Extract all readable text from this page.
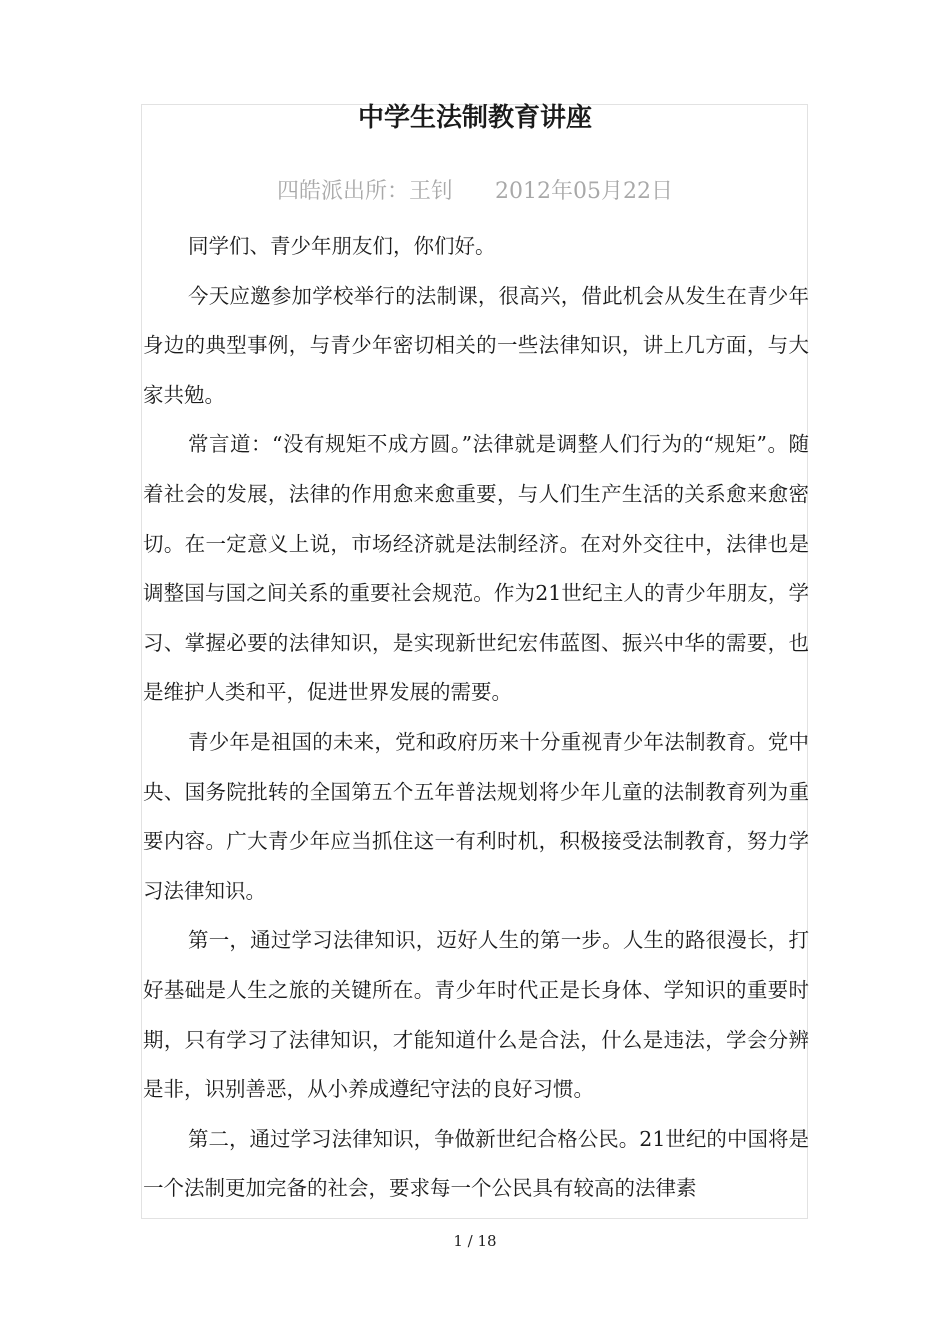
中学生法制教育讲座

四皓派出所：王钊      2012年05月22日

同学们、青少年朋友们，你们好。

今天应邀参加学校举行的法制课，很高兴，借此机会从发生在青少年身边的典型事例，与青少年密切相关的一些法律知识，讲上几方面，与大家共勉。

常言道：“没有规矩不成方圆。”法律就是调整人们行为的“规矩”。随着社会的发展，法律的作用愈来愈重要，与人们生产生活的关系愈来愈密切。在一定意义上说，市场经济就是法制经济。在对外交往中，法律也是调整国与国之间关系的重要社会规范。作为21世纪主人的青少年朋友，学习、掌握必要的法律知识，是实现新世纪宏伟蓝图、振兴中华的需要，也是维护人类和平，促进世界发展的需要。

青少年是祖国的未来，党和政府历来十分重视青少年法制教育。党中央、国务院批转的全国第五个五年普法规划将少年儿童的法制教育列为重要内容。广大青少年应当抓住这一有利时机，积极接受法制教育，努力学习法律知识。

第一，通过学习法律知识，迈好人生的第一步。人生的路很漫长，打好基础是人生之旅的关键所在。青少年时代正是长身体、学知识的重要时期，只有学习了法律知识，才能知道什么是合法，什么是违法，学会分辨是非，识别善恶，从小养成遵纪守法的良好习惯。

第二，通过学习法律知识，争做新世纪合格公民。21世纪的中国将是一个法制更加完备的社会，要求每一个公民具有较高的法律素

1 / 18
